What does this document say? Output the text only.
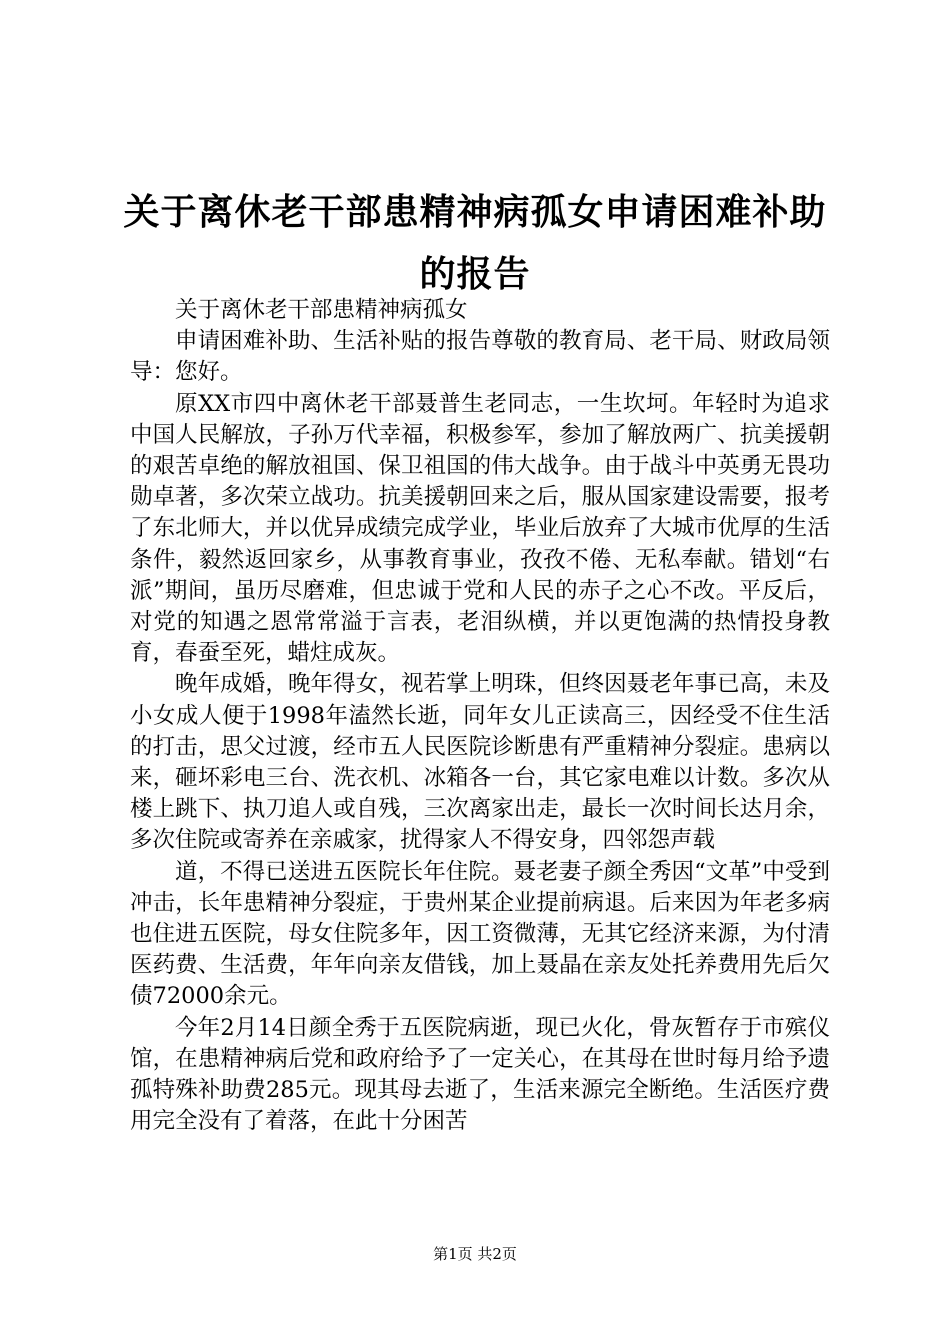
关于离休老干部患精神病孤女申请困难补助的报告

关于离休老干部患精神病孤女

申请困难补助、生活补贴的报告尊敬的教育局、老干局、财政局领导：您好。

原XX市四中离休老干部聂普生老同志，一生坎坷。年轻时为追求中国人民解放，子孙万代幸福，积极参军，参加了解放两广、抗美援朝的艰苦卓绝的解放祖国、保卫祖国的伟大战争。由于战斗中英勇无畏功勋卓著，多次荣立战功。抗美援朝回来之后，服从国家建设需要，报考了东北师大，并以优异成绩完成学业，毕业后放弃了大城市优厚的生活条件，毅然返回家乡，从事教育事业，孜孜不倦、无私奉献。错划“右派”期间，虽历尽磨难，但忠诚于党和人民的赤子之心不改。平反后，对党的知遇之恩常常溢于言表，老泪纵横，并以更饱满的热情投身教育，春蚕至死，蜡炷成灰。

晚年成婚，晚年得女，视若掌上明珠，但终因聂老年事已高，未及小女成人便于1998年溘然长逝，同年女儿正读高三，因经受不住生活的打击，思父过渡，经市五人民医院诊断患有严重精神分裂症。患病以来，砸坏彩电三台、洗衣机、冰箱各一台，其它家电难以计数。多次从楼上跳下、执刀追人或自残，三次离家出走，最长一次时间长达月余，多次住院或寄养在亲戚家，扰得家人不得安身，四邻怨声载

道，不得已送进五医院长年住院。聂老妻子颜全秀因“文革”中受到冲击，长年患精神分裂症，于贵州某企业提前病退。后来因为年老多病也住进五医院，母女住院多年，因工资微薄，无其它经济来源，为付清医药费、生活费，年年向亲友借钱，加上聂晶在亲友处托养费用先后欠债72000余元。

今年2月14日颜全秀于五医院病逝，现已火化，骨灰暂存于市殡仪馆，在患精神病后党和政府给予了一定关心，在其母在世时每月给予遗孤特殊补助费285元。现其母去逝了，生活来源完全断绝。生活医疗费用完全没有了着落，在此十分困苦

第1页 共2页
